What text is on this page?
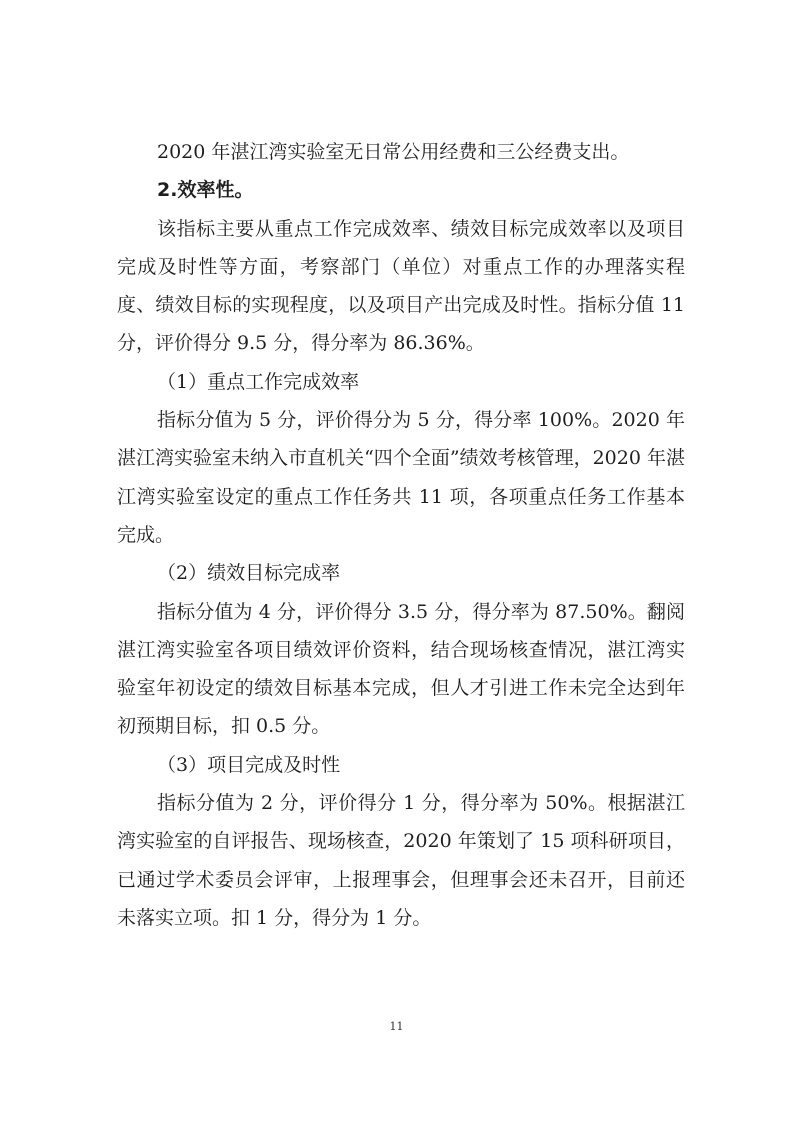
2020 年湛江湾实验室无日常公用经费和三公经费支出。

2.效率性。

该指标主要从重点工作完成效率、绩效目标完成效率以及项目完成及时性等方面，考察部门（单位）对重点工作的办理落实程度、绩效目标的实现程度，以及项目产出完成及时性。指标分值 11 分，评价得分 9.5 分，得分率为 86.36%。

（1）重点工作完成效率

指标分值为 5 分，评价得分为 5 分，得分率 100%。2020 年湛江湾实验室未纳入市直机关“四个全面”绩效考核管理，2020 年湛江湾实验室设定的重点工作任务共 11 项，各项重点任务工作基本完成。

（2）绩效目标完成率

指标分值为 4 分，评价得分 3.5 分，得分率为 87.50%。翻阅湛江湾实验室各项目绩效评价资料，结合现场核查情况，湛江湾实验室年初设定的绩效目标基本完成，但人才引进工作未完全达到年初预期目标，扣 0.5 分。

（3）项目完成及时性

指标分值为 2 分，评价得分 1 分，得分率为 50%。根据湛江湾实验室的自评报告、现场核查，2020 年策划了 15 项科研项目，已通过学术委员会评审，上报理事会，但理事会还未召开，目前还未落实立项。扣 1 分，得分为 1 分。

11
